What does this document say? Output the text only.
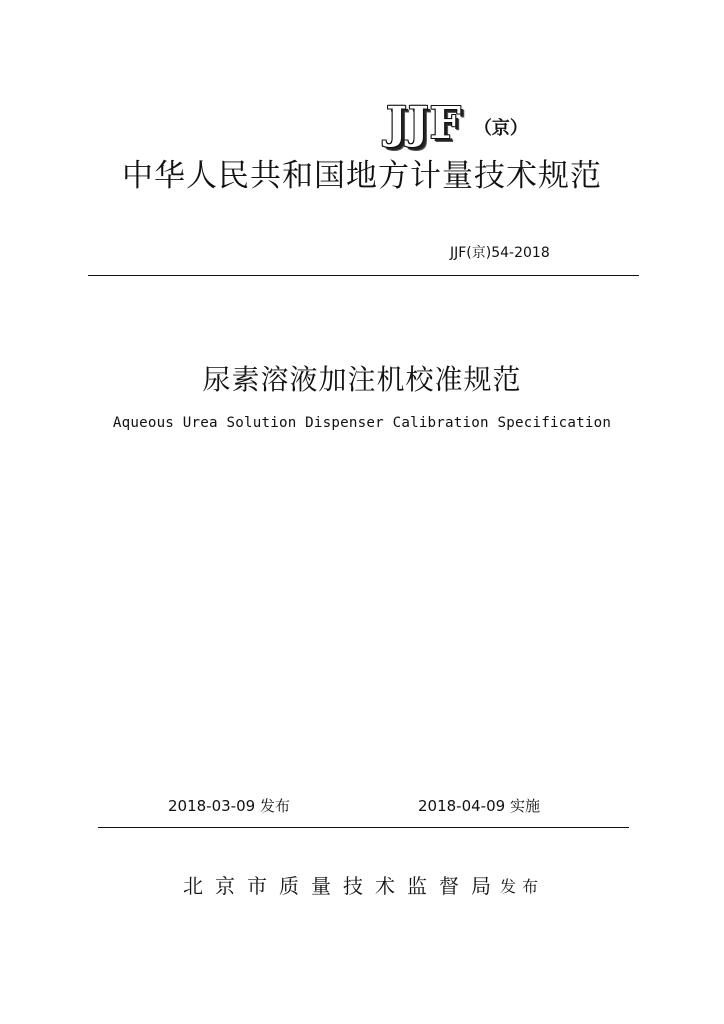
JJF （京）
中华人民共和国地方计量技术规范
JJF(京)54-2018
尿素溶液加注机校准规范
Aqueous Urea Solution Dispenser Calibration Specification
2018-03-09 发布	2018-04-09 实施
北京市质量技术监督局
发布
